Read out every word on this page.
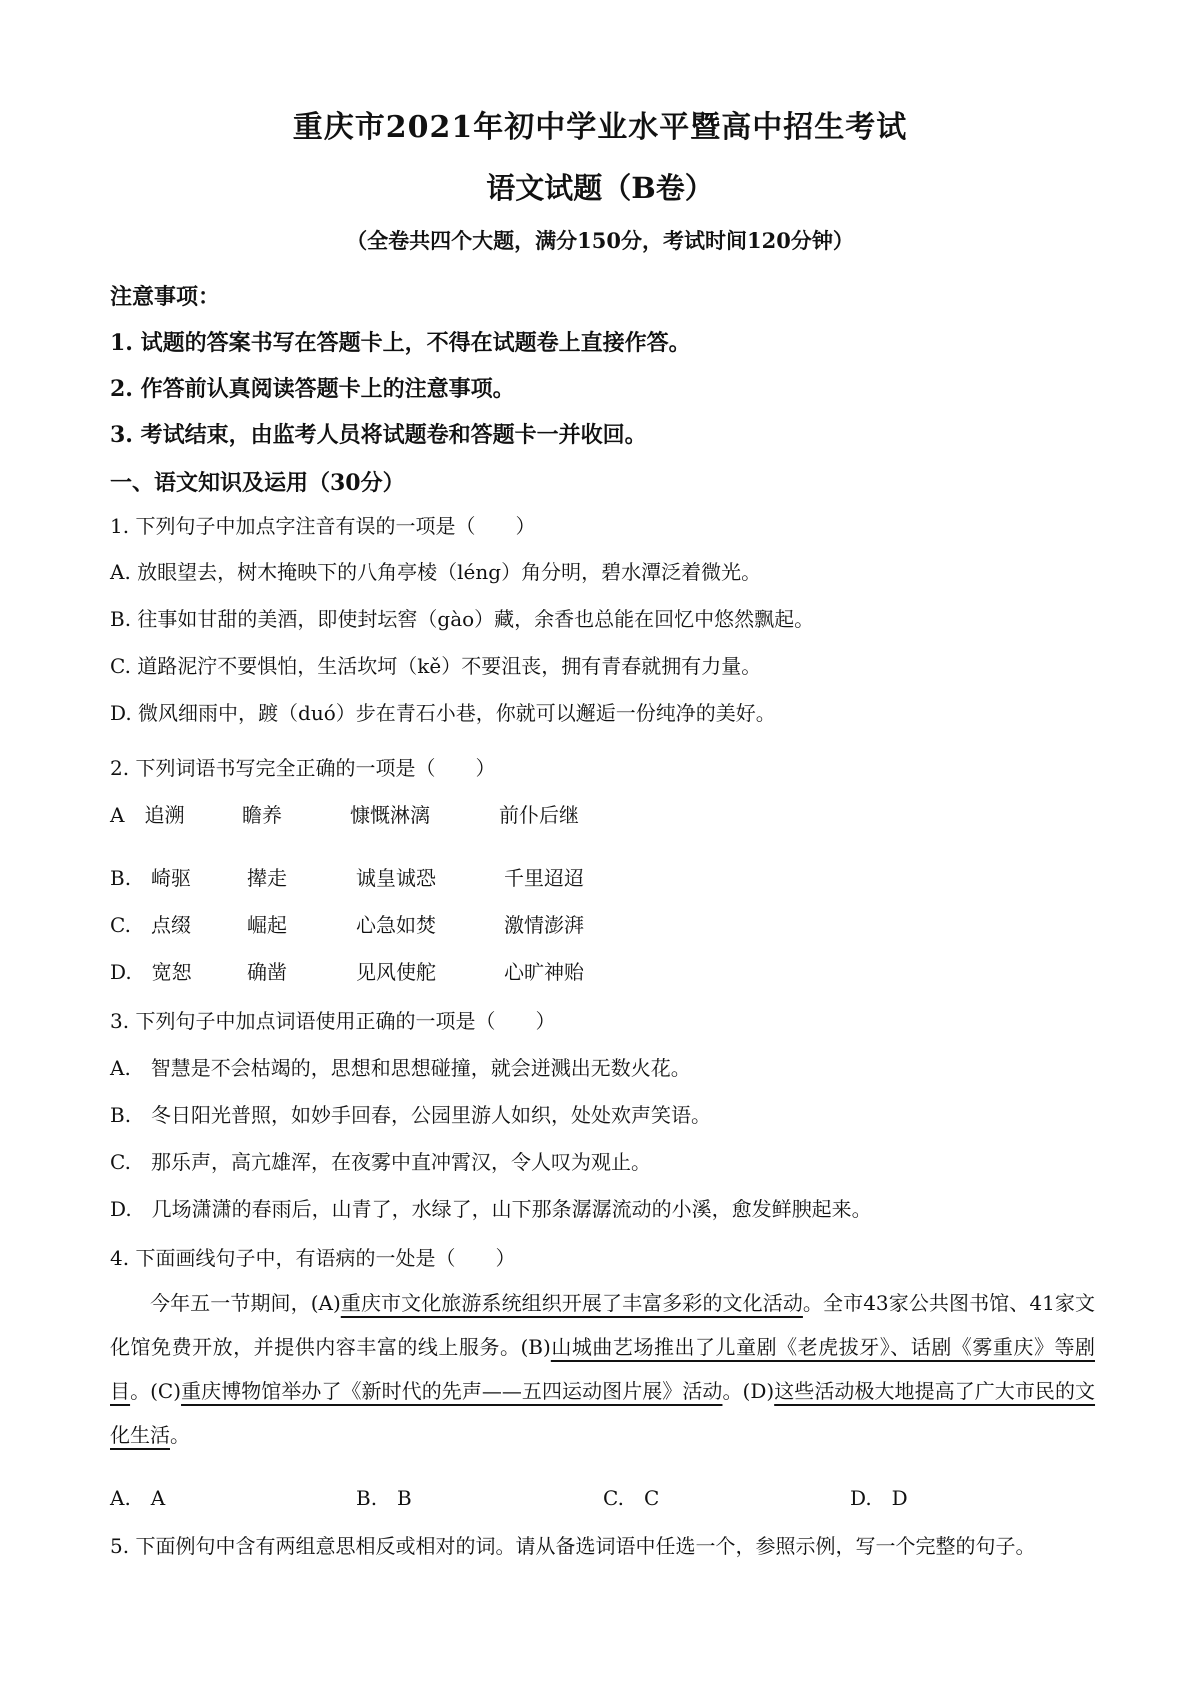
重庆市2021年初中学业水平暨高中招生考试
语文试题（B卷）
（全卷共四个大题，满分150分，考试时间120分钟）
注意事项：
1. 试题的答案书写在答题卡上，不得在试题卷上直接作答。
2. 作答前认真阅读答题卡上的注意事项。
3. 考试结束，由监考人员将试题卷和答题卡一并收回。
一、语文知识及运用（30分）
1. 下列句子中加点字注音有误的一项是（　　）
A. 放眼望去，树木掩映下的八角亭棱（léng）角分明，碧水潭泛着微光。
B. 往事如甘甜的美酒，即使封坛窖（gào）藏，余香也总能在回忆中悠然飘起。
C. 道路泥泞不要惧怕，生活坎坷（kě）不要沮丧，拥有青春就拥有力量。
D. 微风细雨中，踱（duó）步在青石小巷，你就可以邂逅一份纯净的美好。
2. 下列词语书写完全正确的一项是（　　）
A　追溯	瞻养	慷慨淋漓	前仆后继
B.　崎驱	撵走	诚皇诚恐	千里迢迢
C.　点缀	崛起	心急如焚	激情澎湃
D.　宽恕	确凿	见风使舵	心旷神贻
3. 下列句子中加点词语使用正确的一项是（　　）
A.　智慧是不会枯竭的，思想和思想碰撞，就会迸溅出无数火花。
B.　冬日阳光普照，如妙手回春，公园里游人如织，处处欢声笑语。
C.　那乐声，高亢雄浑，在夜雾中直冲霄汉，令人叹为观止。
D.　几场潇潇的春雨后，山青了，水绿了，山下那条潺潺流动的小溪，愈发鲜腴起来。
4. 下面画线句子中，有语病的一处是（　　）
今年五一节期间，(A)重庆市文化旅游系统组织开展了丰富多彩的文化活动。全市43家公共图书馆、41家文化馆免费开放，并提供内容丰富的线上服务。(B)山城曲艺场推出了儿童剧《老虎拔牙》、话剧《雾重庆》等剧目。(C)重庆博物馆举办了《新时代的先声——五四运动图片展》活动。(D)这些活动极大地提高了广大市民的文化生活。
A.　A	B.　B	C.　C	D.　D
5. 下面例句中含有两组意思相反或相对的词。请从备选词语中任选一个，参照示例，写一个完整的句子。
